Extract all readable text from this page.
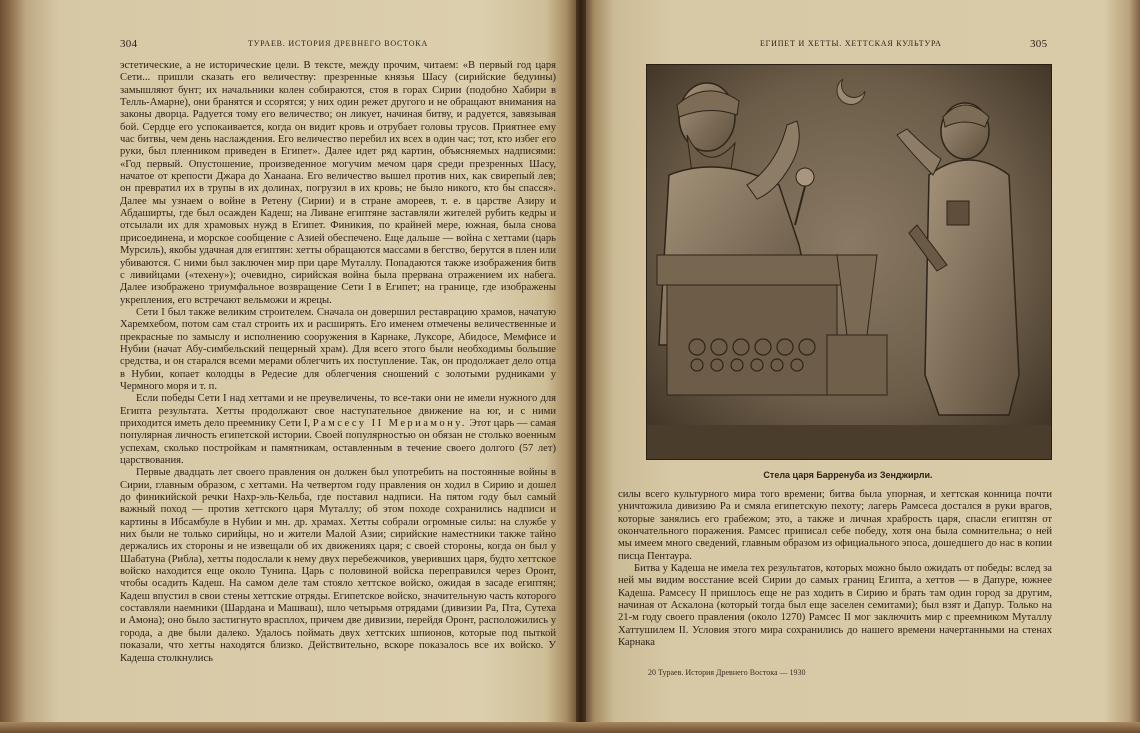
304	ТУРАЕВ. ИСТОРИЯ ДРЕВНЕГО ВОСТОКА

эстетические, а не исторические цели. В тексте, между прочим, читаем: «В первый год царя Сети... пришли сказать его величеству: презренные князья Шасу (сирийские бедуины) замышляют бунт; их начальники колен собираются, стоя в горах Сирии (подобно Хабири в Телль-Амарне), они бранятся и ссорятся; у них один режет другого и не обращают внимания на законы дворца. Радуется тому его величество; он ликует, начиная битву, и радуется, завязывая бой. Сердце его успокаивается, когда он видит кровь и отрубает головы трусов. Приятнее ему час битвы, чем день наслаждения. Его величество перебил их всех в один час; тот, кто избег его руки, был пленником приведен в Египет». Далее идет ряд картин, объясняемых надписями: «Год первый. Опустошение, произведенное могучим мечом царя среди презренных Шасу, начатое от крепости Джара до Ханаана. Его величество вышел против них, как свирепый лев; он превратил их в трупы в их долинах, погрузил в их кровь; не было никого, кто бы спасся». Далее мы узнаем о войне в Ретену (Сирии) и в стране амореев, т. е. в царстве Азиру и Абдаширты, где был осажден Кадеш; на Ливане египтяне заставляли жителей рубить кедры и отсылали их для храмовых нужд в Египет. Финикия, по крайней мере, южная, была снова присоединена, и морское сообщение с Азией обеспечено. Еще дальше — война с хеттами (царь Мурсиль), якобы удачная для египтян: хетты обращаются массами в бегство, берутся в плен или убиваются. С ними был заключен мир при царе Муталлу. Попадаются также изображения битв с ливийцами («техену»); очевидно, сирийская война была прервана отражением их набега. Далее изображено триумфальное возвращение Сети I в Египет; на границе, где изображены укрепления, его встречают вельможи и жрецы.

Сети I был также великим строителем. Сначала он довершил реставрацию храмов, начатую Харемхебом, потом сам стал строить их и расширять. Его именем отмечены величественные и прекрасные по замыслу и исполнению сооружения в Карнаке, Луксоре, Абидосе, Мемфисе и Нубии (начат Абу-симбельский пещерный храм). Для всего этого были необходимы большие средства, и он старался всеми мерами облегчить их поступление. Так, он продолжает дело отца в Нубии, копает колодцы в Редесие для облегчения сношений с золотыми рудниками у Чермного моря и т. п.

Если победы Сети I над хеттами и не преувеличены, то все-таки они не имели нужного для Египта результата. Хетты продолжают свое наступательное движение на юг, и с ними приходится иметь дело преемнику Сети I, Рамсесу II Мериамону. Этот царь — самая популярная личность египетской истории. Своей популярностью он обязан не столько военным успехам, сколько постройкам и памятникам, оставленным в течение своего долгого (57 лет) царствования.

Первые двадцать лет своего правления он должен был употребить на постоянные войны в Сирии, главным образом, с хеттами. На четвертом году правления он ходил в Сирию и дошел до финикийской речки Нахр-эль-Кельба, где поставил надписи. На пятом году был самый важный поход — против хеттского царя Муталлу; об этом походе сохранились надписи и картины в Ибсамбуле в Нубии и мн. др. храмах. Хетты собрали огромные силы: на службе у них были не только сирийцы, но и жители Малой Азии; сирийские наместники также тайно держались их стороны и не извещали об их движениях царя; с своей стороны, когда он был у Шабатуна (Рибла), хетты подослали к нему двух перебежчиков, уверивших царя, будто хеттское войско находится еще около Тунипа. Царь с половиной войска переправился через Оронт, чтобы осадить Кадеш. На самом деле там стояло хеттское войско, ожидая в засаде египтян; Кадеш впустил в свои стены хеттские отряды. Египетское войско, значительную часть которого составляли наемники (Шардана и Машваш), шло четырьмя отрядами (дивизии Ра, Пта, Сутеха и Амона); оно было застигнуто врасплох, причем две дивизии, перейдя Оронт, расположились у города, а две были далеко. Удалось поймать двух хеттских шпионов, которые под пыткой показали, что хетты находятся близко. Действительно, вскоре показалось все их войско. У Кадеша столкнулись

ЕГИПЕТ И ХЕТТЫ. ХЕТТСКАЯ КУЛЬТУРА	305
Стела царя Барренуба из Зенджирли.

силы всего культурного мира того времени; битва была упорная, и хеттская конница почти уничтожила дивизию Ра и смяла египетскую пехоту; лагерь Рамсеса достался в руки врагов, которые занялись его грабежом; это, а также и личная храбрость царя, спасли египтян от окончательного поражения. Рамсес приписал себе победу, хотя она была сомнительна; о ней мы имеем много сведений, главным образом из официального эпоса, дошедшего до нас в копии писца Пентаура.

Битва у Кадеша не имела тех результатов, которых можно было ожидать от победы: вслед за ней мы видим восстание всей Сирии до самых границ Египта, а хеттов — в Дапуре, южнее Кадеша. Рамсесу II пришлось еще не раз ходить в Сирию и брать там один город за другим, начиная от Аскалона (который тогда был еще заселен семитами); был взят и Дапур. Только на 21-м году своего правления (около 1270) Рамсес II мог заключить мир с преемником Муталлу Хаттушилем II. Условия этого мира сохранились до нашего времени начертанными на стенах Карнака

20 Тураев. История Древнего Востока — 1930
